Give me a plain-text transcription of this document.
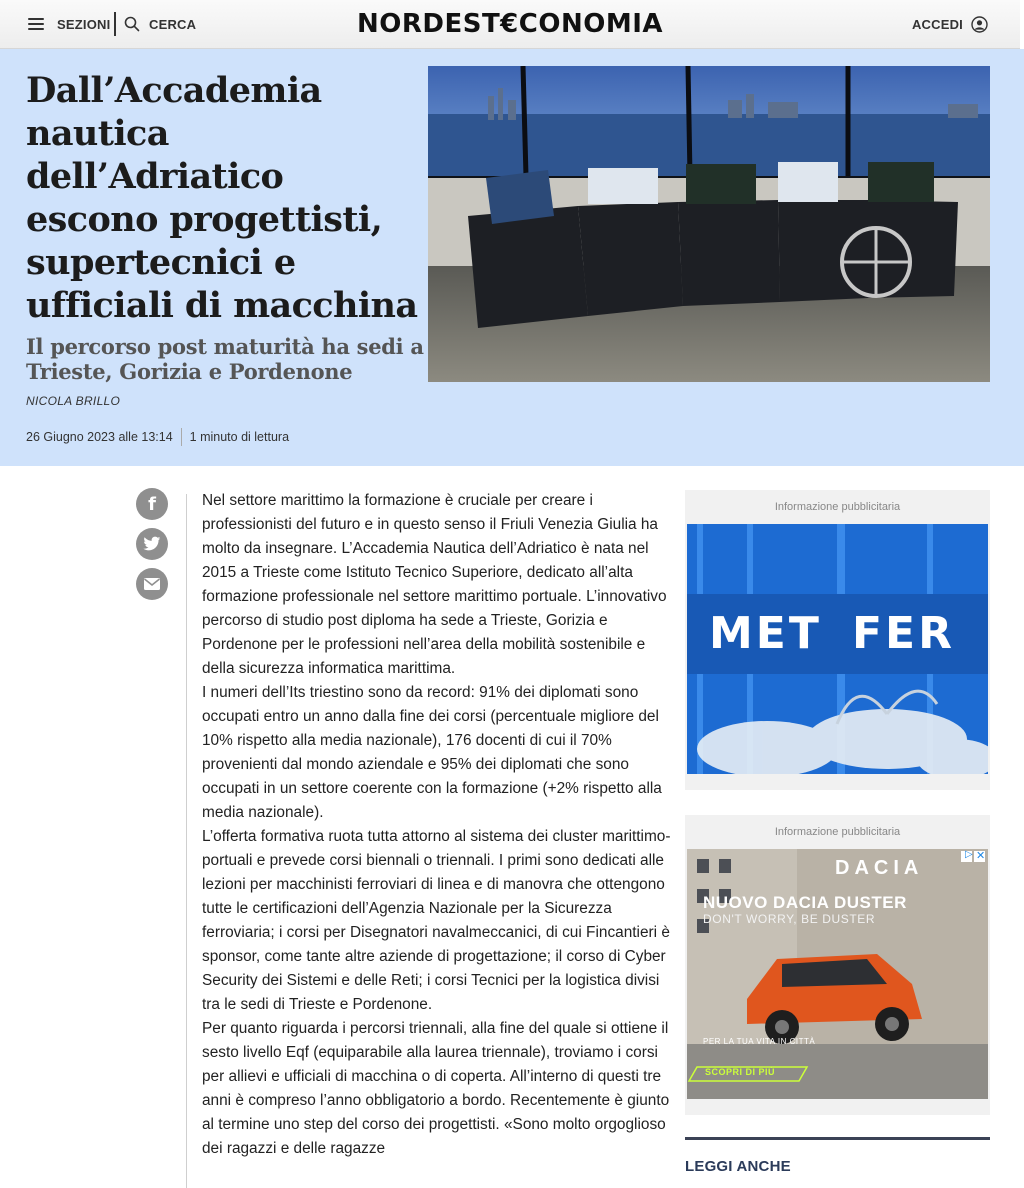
SEZIONI	CERCA	NORDEST€CONOMIA	ACCEDI
Dall’Accademia nautica dell’Adriatico escono progettisti, supertecnici e ufficiali di macchina
Il percorso post maturità ha sedi a Trieste, Gorizia e Pordenone
NICOLA BRILLO
26 Giugno 2023 alle 13:14 1 minuto di lettura
f	Nel settore marittimo la formazione è cruciale per creare i professionisti del futuro e in questo senso il Friuli Venezia Giulia ha molto da insegnare. L’Accademia Nautica dell’Adriatico è nata nel 2015 a Trieste come Istituto Tecnico Superiore, dedicato all’alta formazione professionale nel settore marittimo portuale. L’innovativo percorso di studio post diploma ha sede a Trieste, Gorizia e Pordenone per le professioni nell’area della mobilità sostenibile e della sicurezza informatica marittima.

I numeri dell’Its triestino sono da record: 91% dei diplomati sono occupati entro un anno dalla fine dei corsi (percentuale migliore del 10% rispetto alla media nazionale), 176 docenti di cui il 70% provenienti dal mondo aziendale e 95% dei diplomati che sono occupati in un settore coerente con la formazione (+2% rispetto alla media nazionale).

L’offerta formativa ruota tutta attorno al sistema dei cluster marittimo-portuali e prevede corsi biennali o triennali. I primi sono dedicati alle lezioni per macchinisti ferroviari di linea e di manovra che ottengono tutte le certificazioni dell’Agenzia Nazionale per la Sicurezza ferroviaria; i corsi per Disegnatori navalmeccanici, di cui Fincantieri è sponsor, come tante altre aziende di progettazione; il corso di Cyber Security dei Sistemi e delle Reti; i corsi Tecnici per la logistica divisi tra le sedi di Trieste e Pordenone.

Per quanto riguarda i percorsi triennali, alla fine del quale si ottiene il sesto livello Eqf (equiparabile alla laurea triennale), troviamo i corsi per allievi e ufficiali di macchina o di coperta. All’interno di questi tre anni è compreso l’anno obbligatorio a bordo. Recentemente è giunto al termine uno step del corso dei progettisti. «Sono molto orgoglioso dei ragazzi e delle ragazze

Informazione pubblicitaria
MET FER
Informazione pubblicitaria
▷ ✕
DACIA
NUOVO DACIA DUSTER
DON'T WORRY, BE DUSTER
PER LA TUA VITA IN CITTÀ
SCOPRI DI PIÙ
LEGGI ANCHE
